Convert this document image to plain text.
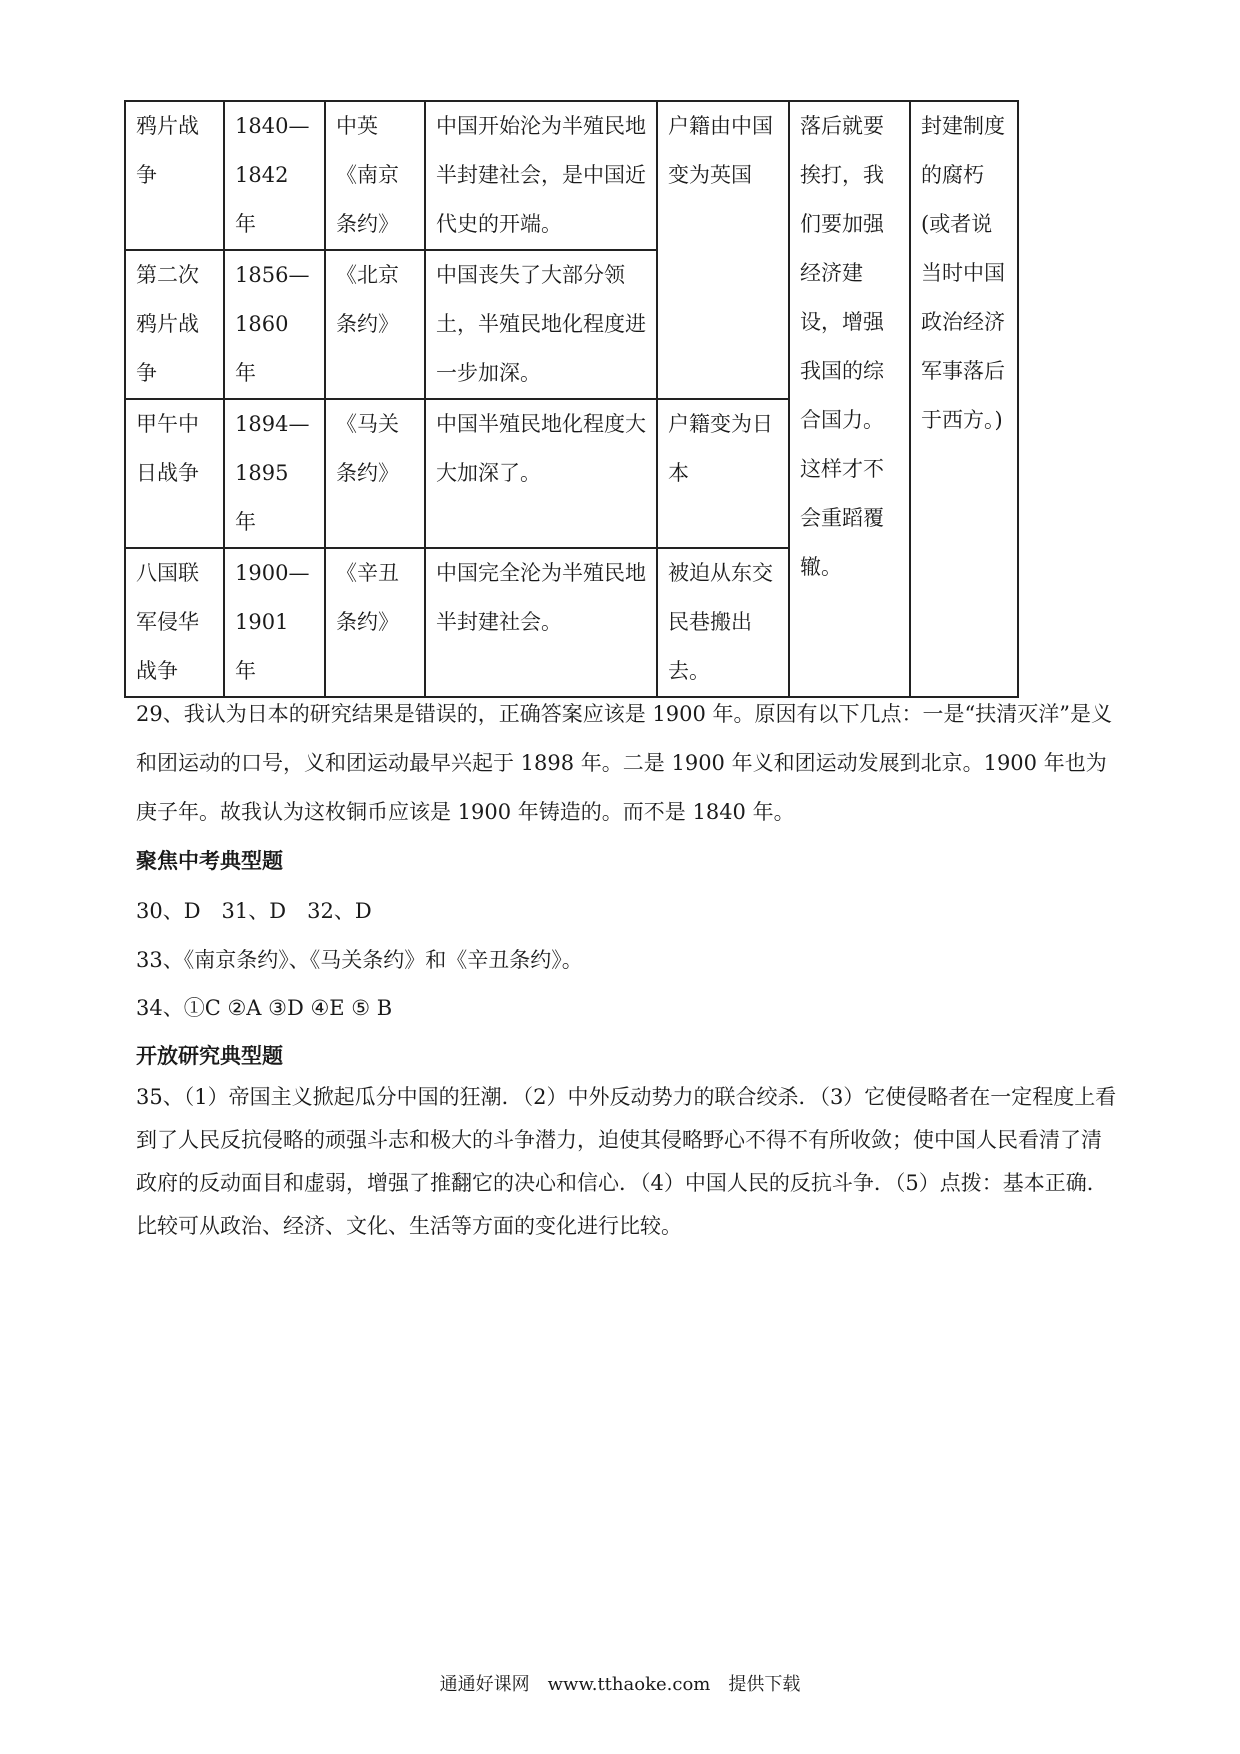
鸦片战争	1840—1842 年	中英《南京条约》	中国开始沦为半殖民地半封建社会，是中国近代史的开端。	户籍由中国变为英国	落后就要挨打，我们要加强经济建设，增强我国的综合国力。这样才不会重蹈覆辙。	封建制度的腐朽(或者说当时中国政治经济军事落后于西方。)
第二次鸦片战争	1856—1860 年	《北京条约》	中国丧失了大部分领土，半殖民地化程度进一步加深。			
甲午中日战争	1894—1895 年	《马关条约》	中国半殖民地化程度大大加深了。	户籍变为日本		
八国联军侵华战争	1900—1901 年	《辛丑条约》	中国完全沦为半殖民地半封建社会。	被迫从东交民巷搬出去。		
29、我认为日本的研究结果是错误的，正确答案应该是 1900 年。原因有以下几点：一是“扶清灭洋”是义和团运动的口号，义和团运动最早兴起于 1898 年。二是 1900 年义和团运动发展到北京。1900 年也为庚子年。故我认为这枚铜币应该是 1900 年铸造的。而不是 1840 年。
聚焦中考典型题
30、D　31、D　32、D
33、《南京条约》、《马关条约》和《辛丑条约》。
34、①C ②A ③D ④E ⑤ B
开放研究典型题
35、（1）帝国主义掀起瓜分中国的狂潮．（2）中外反动势力的联合绞杀．（3）它使侵略者在一定程度上看到了人民反抗侵略的顽强斗志和极大的斗争潜力，迫使其侵略野心不得不有所收敛；使中国人民看清了清政府的反动面目和虚弱，增强了推翻它的决心和信心．（4）中国人民的反抗斗争．（5）点拨：基本正确．比较可从政治、经济、文化、生活等方面的变化进行比较。
通通好课网　www.tthaoke.com　提供下载
